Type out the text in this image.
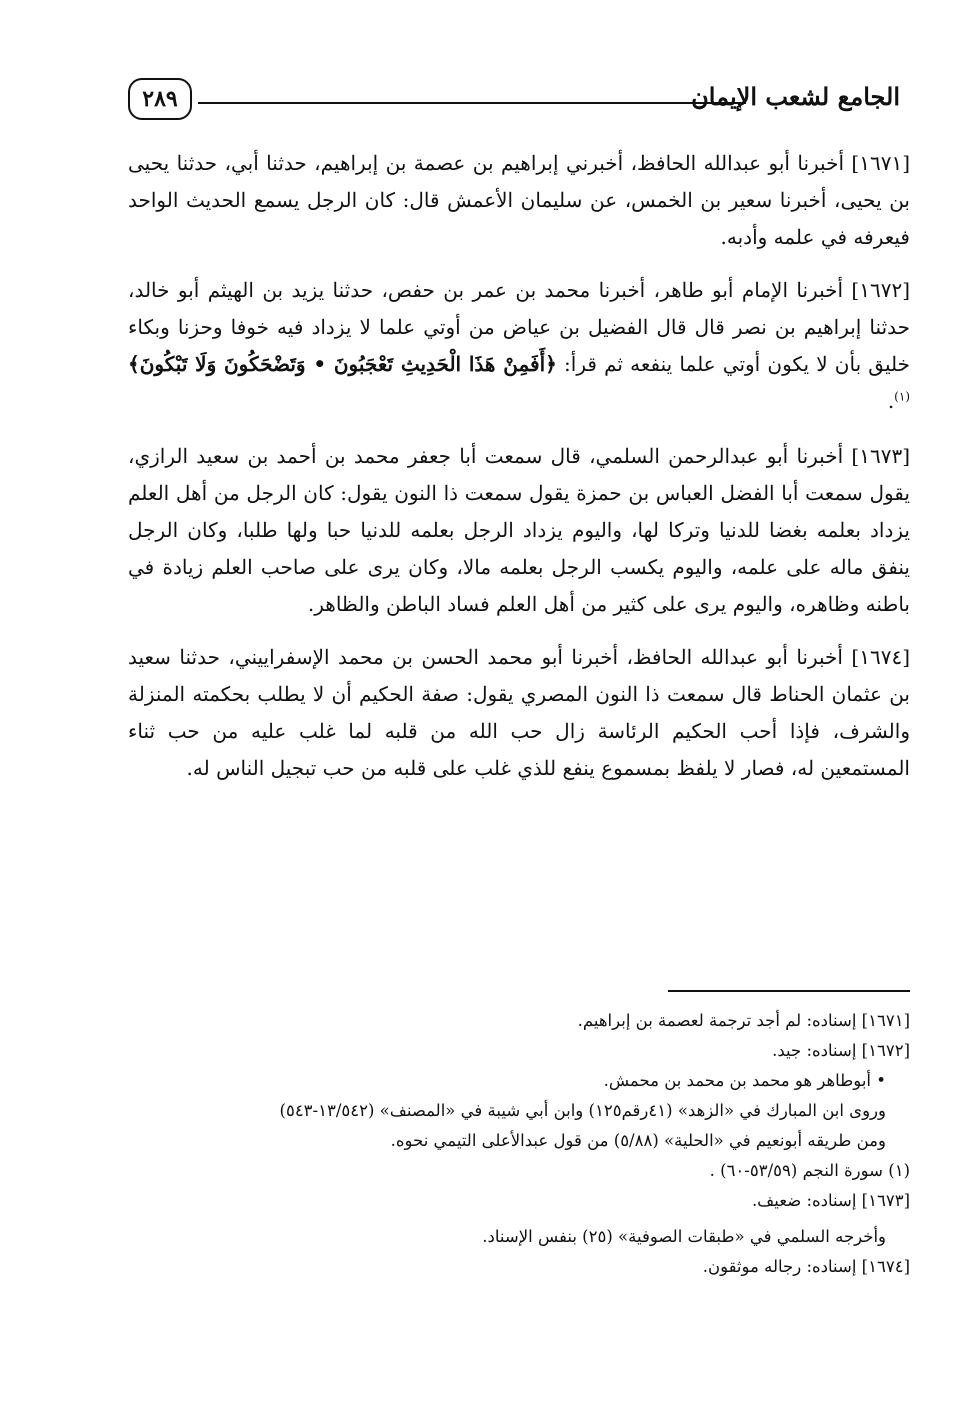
٢٨٩	الجامع لشعب الإيمان

[١٦٧١] أخبرنا أبو عبدالله الحافظ، أخبرني إبراهيم بن عصمة بن إبراهيم، حدثنا أبي، حدثنا يحيى بن يحيى، أخبرنا سعير بن الخمس، عن سليمان الأعمش قال: كان الرجل يسمع الحديث الواحد فيعرفه في علمه وأدبه.

[١٦٧٢] أخبرنا الإمام أبو طاهر، أخبرنا محمد بن عمر بن حفص، حدثنا يزيد بن الهيثم أبو خالد، حدثنا إبراهيم بن نصر قال قال الفضيل بن عياض من أوتي علما لا يزداد فيه خوفا وحزنا وبكاء خليق بأن لا يكون أوتي علما ينفعه ثم قرأ: ﴿أَفَمِنْ هَذَا الْحَدِيثِ تَعْجَبُونَ • وَتَضْحَكُونَ وَلَا تَبْكُونَ﴾$^{(١)}$.

[١٦٧٣] أخبرنا أبو عبدالرحمن السلمي، قال سمعت أبا جعفر محمد بن أحمد بن سعيد الرازي، يقول سمعت أبا الفضل العباس بن حمزة يقول سمعت ذا النون يقول: كان الرجل من أهل العلم يزداد بعلمه بغضا للدنيا وتركا لها، واليوم يزداد الرجل بعلمه للدنيا حبا ولها طلبا، وكان الرجل ينفق ماله على علمه، واليوم يكسب الرجل بعلمه مالا، وكان يرى على صاحب العلم زيادة في باطنه وظاهره، واليوم يرى على كثير من أهل العلم فساد الباطن والظاهر.

[١٦٧٤] أخبرنا أبو عبدالله الحافظ، أخبرنا أبو محمد الحسن بن محمد الإسفراييني، حدثنا سعيد بن عثمان الحناط قال سمعت ذا النون المصري يقول: صفة الحكيم أن لا يطلب بحكمته المنزلة والشرف، فإذا أحب الحكيم الرئاسة زال حب الله من قلبه لما غلب عليه من حب ثناء المستمعين له، فصار لا يلفظ بمسموع ينفع للذي غلب على قلبه من حب تبجيل الناس له.

[١٦٧١] إسناده: لم أجد ترجمة لعصمة بن إبراهيم.
[١٦٧٢] إسناده: جيد.
• أبوطاهر هو محمد بن محمد بن محمش.
وروى ابن المبارك في «الزهد» (٤١رقم١٢٥) وابن أبي شيبة في «المصنف» (١٣/٥٤٢-٥٤٣)
ومن طريقه أبونعيم في «الحلية» (٥/٨٨) من قول عبدالأعلى التيمي نحوه.
(١) سورة النجم (٥٣/٥٩-٦٠) .
[١٦٧٣] إسناده: ضعيف.
وأخرجه السلمي في «طبقات الصوفية» (٢٥) بنفس الإسناد.
[١٦٧٤] إسناده: رجاله موثقون.
